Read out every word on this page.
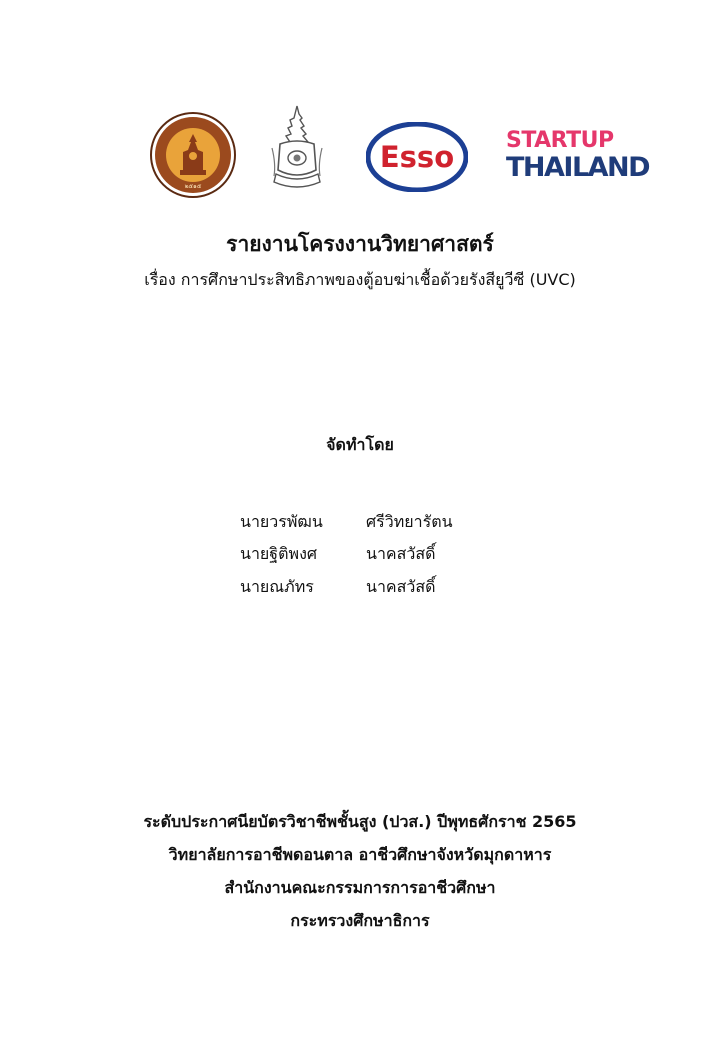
๒๕๑๕
Esso STARTUP
THAILAND
รายงานโครงงานวิทยาศาสตร์
เรื่อง การศึกษาประสิทธิภาพของตู้อบฆ่าเชื้อด้วยรังสียูวีซี (UVC)
จัดทำโดย
นายวรพัฒน	ศรีวิทยารัตน
นายฐิติพงศ	นาคสวัสดิ์
นายณภัทร	นาคสวัสดิ์
ระดับประกาศนียบัตรวิชาชีพชั้นสูง (ปวส.) ปีพุทธศักราช 2565
วิทยาลัยการอาชีพดอนตาล อาชีวศึกษาจังหวัดมุกดาหาร
สำนักงานคณะกรรมการการอาชีวศึกษา
กระทรวงศึกษาธิการ
